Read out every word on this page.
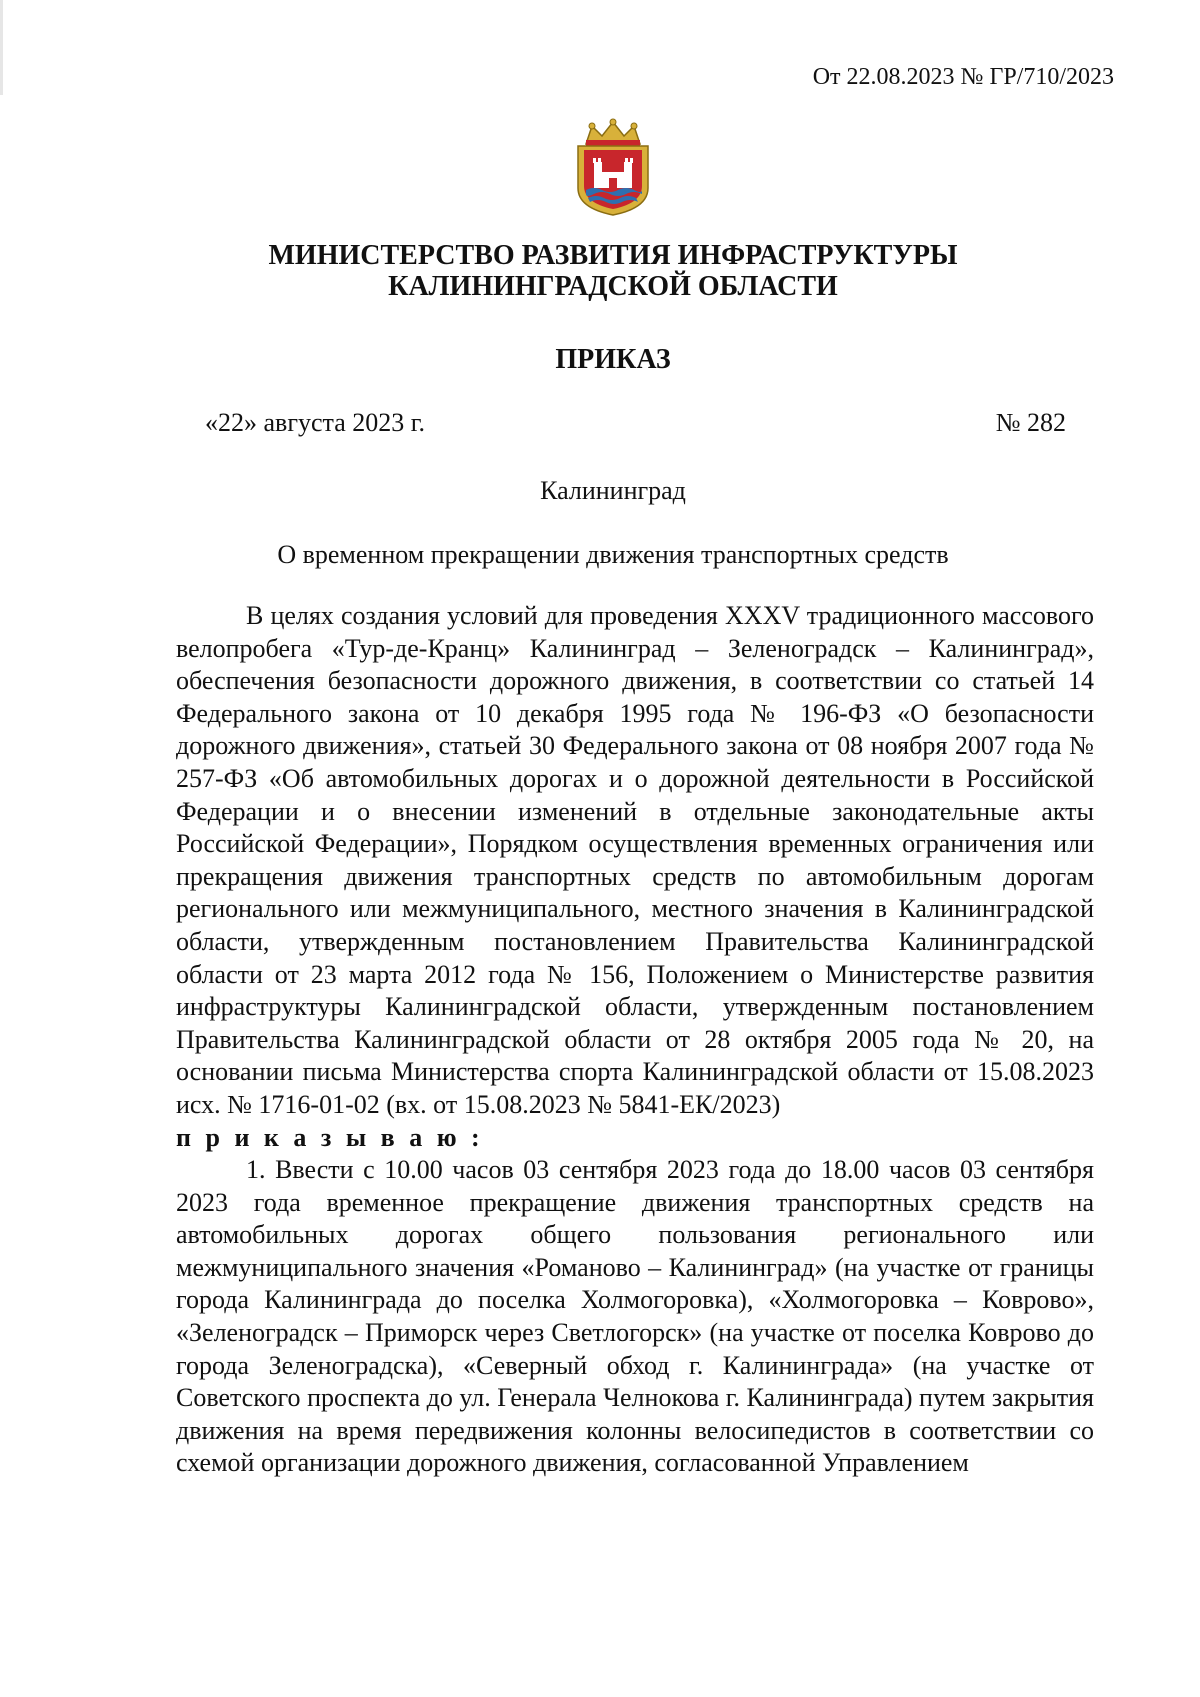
От 22.08.2023 № ГР/710/2023
МИНИСТЕРСТВО РАЗВИТИЯ ИНФРАСТРУКТУРЫ
КАЛИНИНГРАДСКОЙ ОБЛАСТИ
ПРИКАЗ
«22» августа 2023 г.	№ 282
Калининград
О временном прекращении движения транспортных средств

В целях создания условий для проведения XXXV традиционного массового велопробега «Тур-де-Кранц» Калининград – Зеленоградск – Калининград», обеспечения безопасности дорожного движения, в соответствии со статьей 14 Федерального закона от 10 декабря 1995 года № 196-ФЗ «О безопасности дорожного движения», статьей 30 Федерального закона от 08 ноября 2007 года № 257-ФЗ «Об автомобильных дорогах и о дорожной деятельности в Российской Федерации и о внесении изменений в отдельные законодательные акты Российской Федерации», Порядком осуществления временных ограничения или прекращения движения транспортных средств по автомобильным дорогам регионального или межмуниципального, местного значения в Калининградской области, утвержденным постановлением Правительства Калининградской области от 23 марта 2012 года № 156, Положением о Министерстве развития инфраструктуры Калининградской области, утвержденным постановлением Правительства Калининградской области от 28 октября 2005 года № 20, на основании письма Министерства спорта Калининградской области от 15.08.2023 исх. № 1716-01-02 (вх. от 15.08.2023 № 5841-ЕК/2023)

п р и к а з ы в а ю :

1. Ввести с 10.00 часов 03 сентября 2023 года до 18.00 часов 03 сентября 2023 года временное прекращение движения транспортных средств на автомобильных дорогах общего пользования регионального или межмуниципального значения «Романово – Калининград» (на участке от границы города Калининграда до поселка Холмогоровка), «Холмогоровка – Коврово», «Зеленоградск – Приморск через Светлогорск» (на участке от поселка Коврово до города Зеленоградска), «Северный обход г. Калининграда» (на участке от Советского проспекта до ул. Генерала Челнокова г. Калининграда) путем закрытия движения на время передвижения колонны велосипедистов в соответствии со схемой организации дорожного движения, согласованной Управлением
